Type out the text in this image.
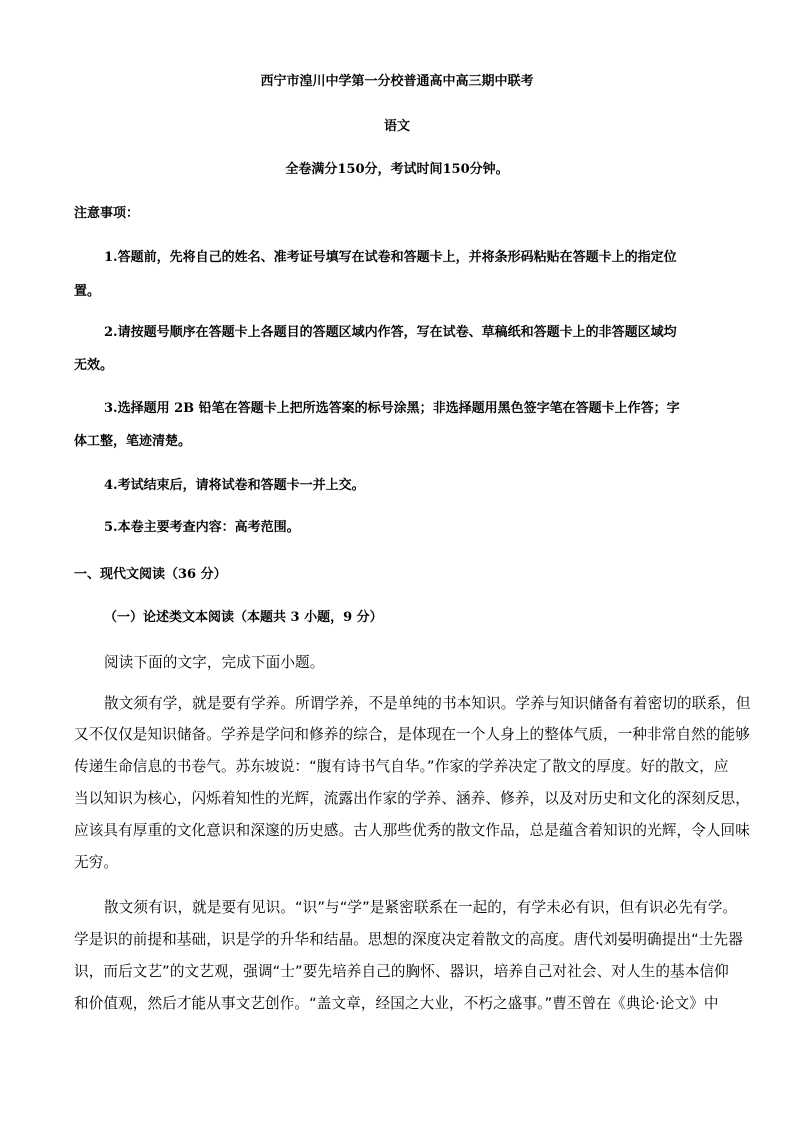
西宁市湟川中学第一分校普通高中高三期中联考

语文

全卷满分150分，考试时间150分钟。

注意事项：

1.答题前，先将自己的姓名、准考证号填写在试卷和答题卡上，并将条形码粘贴在答题卡上的指定位

置。

2.请按题号顺序在答题卡上各题目的答题区域内作答，写在试卷、草稿纸和答题卡上的非答题区域均

无效。

3.选择题用 2B 铅笔在答题卡上把所选答案的标号涂黑；非选择题用黑色签字笔在答题卡上作答；字

体工整，笔迹清楚。

4.考试结束后，请将试卷和答题卡一并上交。

5.本卷主要考查内容：高考范围。

一、现代文阅读（36 分）

（一）论述类文本阅读（本题共 3 小题，9 分）

阅读下面的文字，完成下面小题。

散文须有学，就是要有学养。所谓学养，不是单纯的书本知识。学养与知识储备有着密切的联系，但

又不仅仅是知识储备。学养是学问和修养的综合，是体现在一个人身上的整体气质，一种非常自然的能够

传递生命信息的书卷气。苏东坡说：“腹有诗书气自华。”作家的学养决定了散文的厚度。好的散文，应

当以知识为核心，闪烁着知性的光辉，流露出作家的学养、涵养、修养，以及对历史和文化的深刻反思，

应该具有厚重的文化意识和深邃的历史感。古人那些优秀的散文作品，总是蕴含着知识的光辉，令人回味

无穷。

散文须有识，就是要有见识。“识”与“学”是紧密联系在一起的，有学未必有识，但有识必先有学。

学是识的前提和基础，识是学的升华和结晶。思想的深度决定着散文的高度。唐代刘晏明确提出“士先器

识，而后文艺”的文艺观，强调“士”要先培养自己的胸怀、器识，培养自己对社会、对人生的基本信仰

和价值观，然后才能从事文艺创作。“盖文章，经国之大业，不朽之盛事。”曹丕曾在《典论·论文》中
